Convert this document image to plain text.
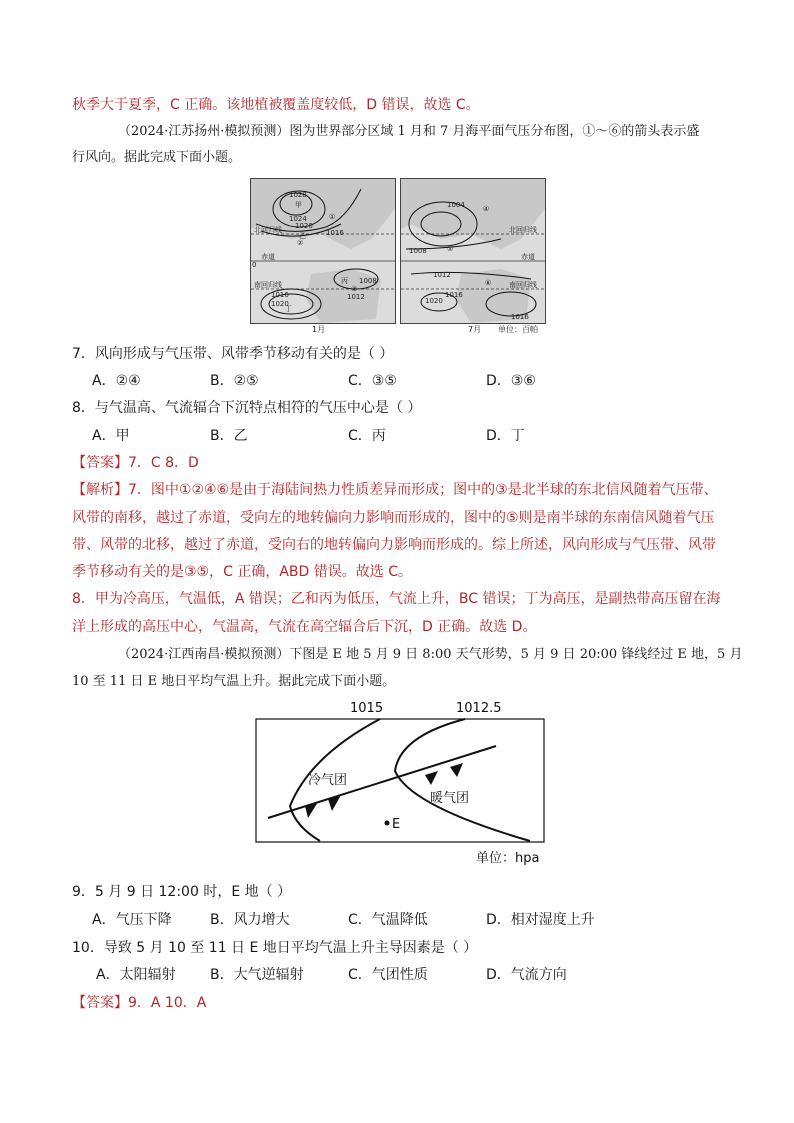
秋季大于夏季，C 正确。该地植被覆盖度较低，D 错误，故选 C。
（2024·江苏扬州·模拟预测）图为世界部分区域 1 月和 7 月海平面气压分布图，①～⑥的箭头表示盛
行风向。据此完成下面小题。
1028
1024
1020
1016
1008
1012
1016
1020
甲
乙
丙
丁
北回归线
赤道
南回归线
0
①
②
③
1004
1008
1012
1016
1020
1016
北回归线
赤道
南回归线
④
⑤
⑥
1月	7月 单位：百帕
7．风向形成与气压带、风带季节移动有关的是（ ）
A．②④	B．②⑤	C．③⑤	D．③⑥
8．与气温高、气流辐合下沉特点相符的气压中心是（ ）
A．甲	B．乙	C．丙	D．丁
【答案】7．C 8．D
【解析】7．图中①②④⑥是由于海陆间热力性质差异而形成；图中的③是北半球的东北信风随着气压带、
风带的南移，越过了赤道，受向左的地转偏向力影响而形成的，图中的⑤则是南半球的东南信风随着气压
带、风带的北移，越过了赤道，受向右的地转偏向力影响而形成的。综上所述，风向形成与气压带、风带
季节移动有关的是③⑤，C 正确，ABD 错误。故选 C。
8．甲为冷高压，气温低，A 错误；乙和丙为低压，气流上升，BC 错误；丁为高压，是副热带高压留在海
洋上形成的高压中心，气温高，气流在高空辐合后下沉，D 正确。故选 D。
（2024·江西南昌·模拟预测）下图是 E 地 5 月 9 日 8:00 天气形势，5 月 9 日 20:00 锋线经过 E 地，5 月
10 至 11 日 E 地日平均气温上升。据此完成下面小题。
1015	1012.5
冷气团
暖气团
E
单位：hpa
9．5 月 9 日 12:00 时，E 地（ ）
A．气压下降	B．风力增大	C．气温降低	D．相对湿度上升
10．导致 5 月 10 至 11 日 E 地日平均气温上升主导因素是（ ）
A．太阳辐射 B．大气逆辐射	C．气团性质	D．气流方向
【答案】9．A 10．A
